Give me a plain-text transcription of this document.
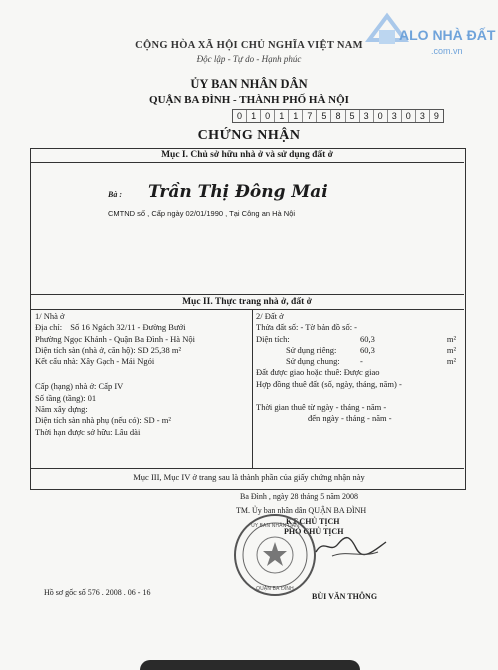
ALO NHÀ ĐẤT
.com.vn
CỘNG HÒA XÃ HỘI CHỦ NGHĨA VIỆT NAM
Độc lập - Tự do - Hạnh phúc
ỦY BAN NHÂN DÂN
QUẬN BA ĐÌNH - THÀNH PHỐ HÀ NỘI
0	1	0	1	1	7	5	8	5	3	0	3	0	3	9
CHỨNG NHẬN
Mục I. Chủ sở hữu nhà ở và sử dụng đất ở
Bà : Trần Thị Đông Mai
CMTND số , Cấp ngày 02/01/1990 , Tại Công an Hà Nội
Mục II. Thực trang nhà ở, đất ở
1/ Nhà ở
Địa chỉ: Số 16 Ngách 32/11 - Đường Bưởi
Phường Ngọc Khánh - Quận Ba Đình - Hà Nội
Diện tích sàn (nhà ở, căn hộ): SD 25,38 m²
Kết cấu nhà: Xây Gạch - Mái Ngói
Cấp (hạng) nhà ở: Cấp IV
Số tầng (tầng): 01
Năm xây dựng:
Diện tích sàn nhà phụ (nếu có): SD - m²
Thời hạn được sở hữu: Lâu dài
2/ Đất ở
Thửa đất số: - Tờ bản đồ số: -
Diện tích:	60,3	m²
Sử dụng riêng:	60,3	m²
Sử dụng chung: -	m²
Đất được giao hoặc thuê: Được giao
Hợp đồng thuê đất (số, ngày, tháng, năm) -
Thời gian thuê từ ngày - tháng - năm -
đến ngày - tháng - năm -
Mục III, Mục IV ở trang sau là thành phần của giấy chứng nhận này
Ba Đình , ngày 28 tháng 5 năm 2008
TM. Ủy ban nhân dân QUẬN BA ĐÌNH
KT CHỦ TỊCH
PHÓ CHỦ TỊCH
ỦY BAN NHÂN DÂN
QUẬN BA ĐÌNH
BÙI VĂN THÔNG
Hồ sơ gốc số 576 . 2008 . 06 - 16
